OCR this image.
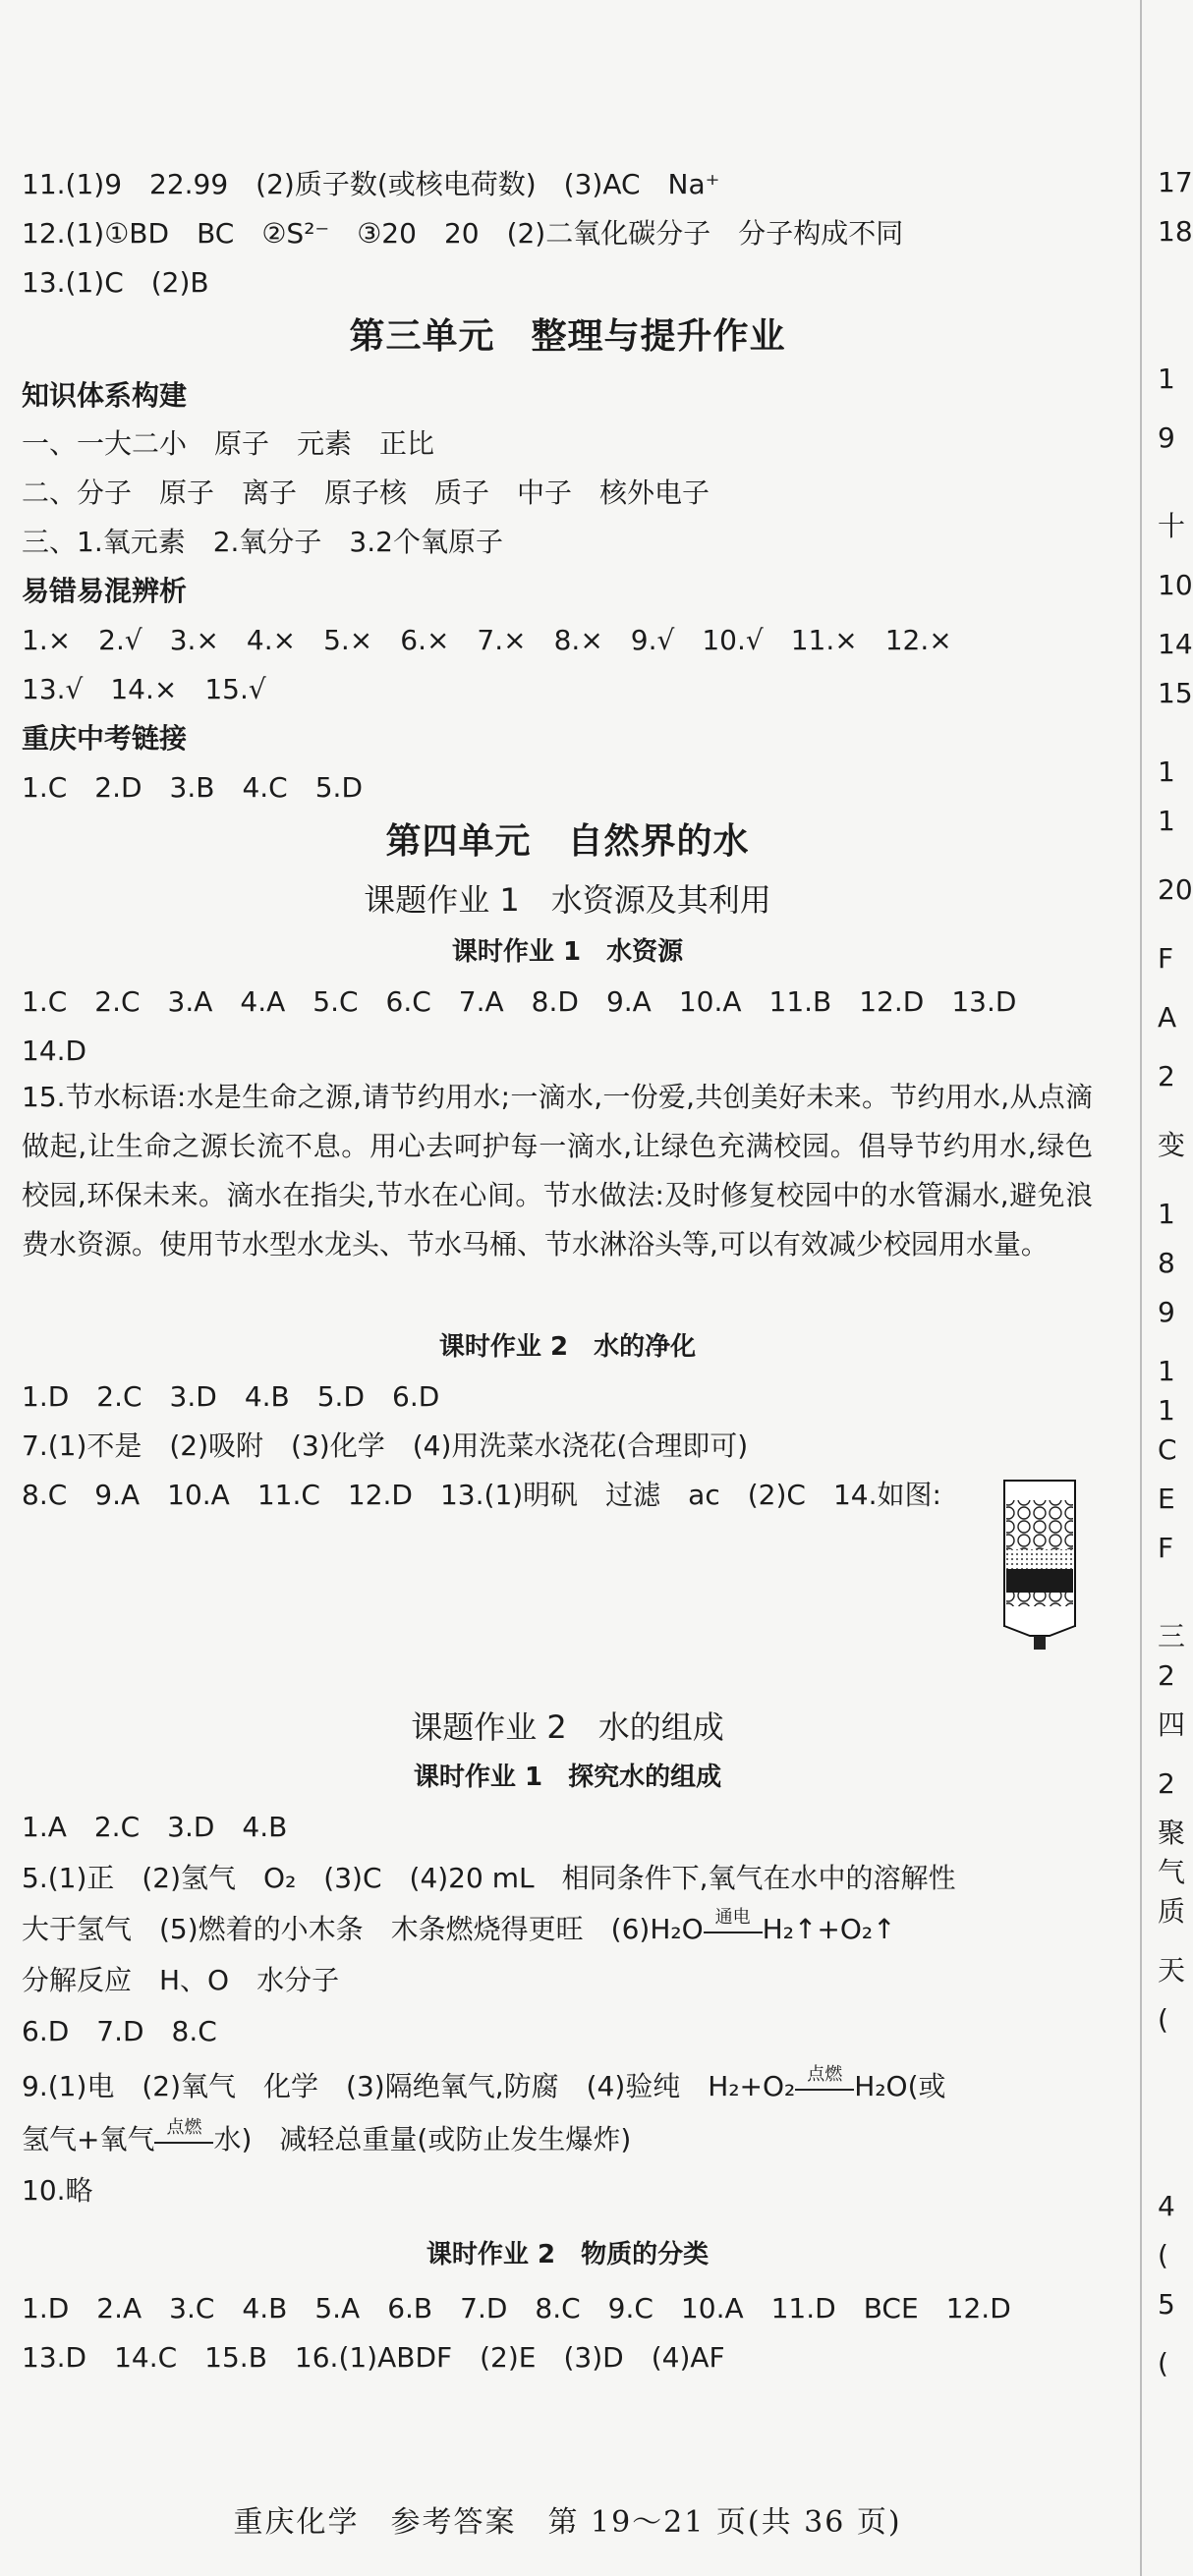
11.(1)9　22.99　(2)质子数(或核电荷数)　(3)AC　Na⁺
12.(1)①BD　BC　②S²⁻　③20　20　(2)二氧化碳分子　分子构成不同
13.(1)C　(2)B
第三单元　整理与提升作业
知识体系构建
一、一大二小　原子　元素　正比
二、分子　原子　离子　原子核　质子　中子　核外电子
三、1.氧元素　2.氧分子　3.2个氧原子
易错易混辨析
1.×　2.√　3.×　4.×　5.×　6.×　7.×　8.×　9.√　10.√　11.×　12.×
13.√　14.×　15.√
重庆中考链接
1.C　2.D　3.B　4.C　5.D
第四单元　自然界的水
课题作业 1　水资源及其利用
课时作业 1　水资源
1.C　2.C　3.A　4.A　5.C　6.C　7.A　8.D　9.A　10.A　11.B　12.D　13.D
14.D
15.节水标语:水是生命之源,请节约用水;一滴水,一份爱,共创美好未来。节约用水,从点滴做起,让生命之源长流不息。用心去呵护每一滴水,让绿色充满校园。倡导节约用水,绿色校园,环保未来。滴水在指尖,节水在心间。节水做法:及时修复校园中的水管漏水,避免浪费水资源。使用节水型水龙头、节水马桶、节水淋浴头等,可以有效减少校园用水量。
课时作业 2　水的净化
1.D　2.C　3.D　4.B　5.D　6.D
7.(1)不是　(2)吸附　(3)化学　(4)用洗菜水浇花(合理即可)
8.C　9.A　10.A　11.C　12.D　13.(1)明矾　过滤　ac　(2)C　14.如图:
课题作业 2　水的组成
课时作业 1　探究水的组成
1.A　2.C　3.D　4.B
5.(1)正　(2)氢气　O₂　(3)C　(4)20 mL　相同条件下,氧气在水中的溶解性
大于氢气　(5)燃着的小木条　木条燃烧得更旺　(6)H₂O 通电 H₂↑+O₂↑
分解反应　H、O　水分子
6.D　7.D　8.C
9.(1)电　(2)氧气　化学　(3)隔绝氧气,防腐　(4)验纯　H₂+O₂ 点燃 H₂O(或
氢气+氧气 点燃 水)　减轻总重量(或防止发生爆炸)
10.略
课时作业 2　物质的分类
1.D　2.A　3.C　4.B　5.A　6.B　7.D　8.C　9.C　10.A　11.D　BCE　12.D
13.D　14.C　15.B　16.(1)ABDF　(2)E　(3)D　(4)AF
重庆化学　参考答案　第 19～21 页(共 36 页)
17
18
1
9
十
10
14
15
1
1
20
F
A
2
变
1
8
9
1
1
C
E
F
三
2
四
2
聚
气
质
天
(
4
(
5
(
